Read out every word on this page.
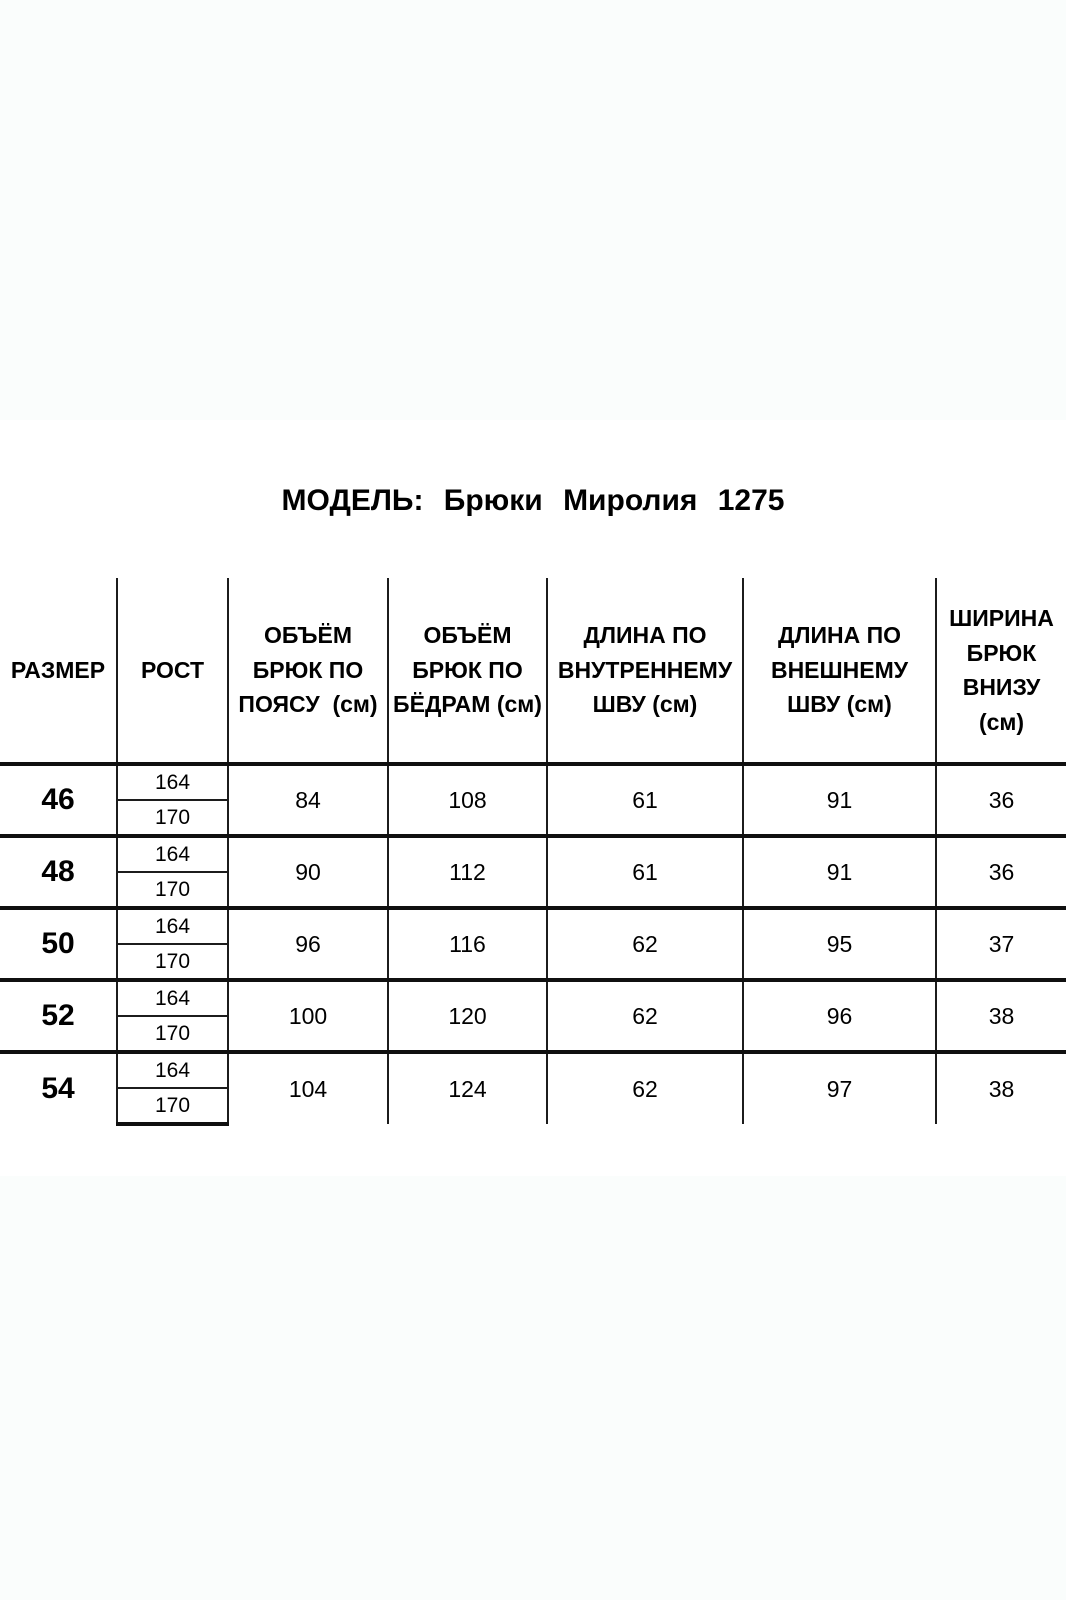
МОДЕЛЬ: Брюки Миролия 1275
РАЗМЕР	РОСТ	ОБЪЁМ
БРЮК ПО
ПОЯСУ  (см)	ОБЪЁМ
БРЮК ПО
БЁДРАМ (см)	ДЛИНА ПО
ВНУТРЕННЕМУ
ШВУ (см)	ДЛИНА ПО
ВНЕШНЕМУ
ШВУ (см)	ШИРИНА
БРЮК
ВНИЗУ (см)
46	164	84	108	61	91	36
	170					
48	164	90	112	61	91	36
	170					
50	164	96	116	62	95	37
	170					
52	164	100	120	62	96	38
	170					
54	164	104	124	62	97	38
	170					
